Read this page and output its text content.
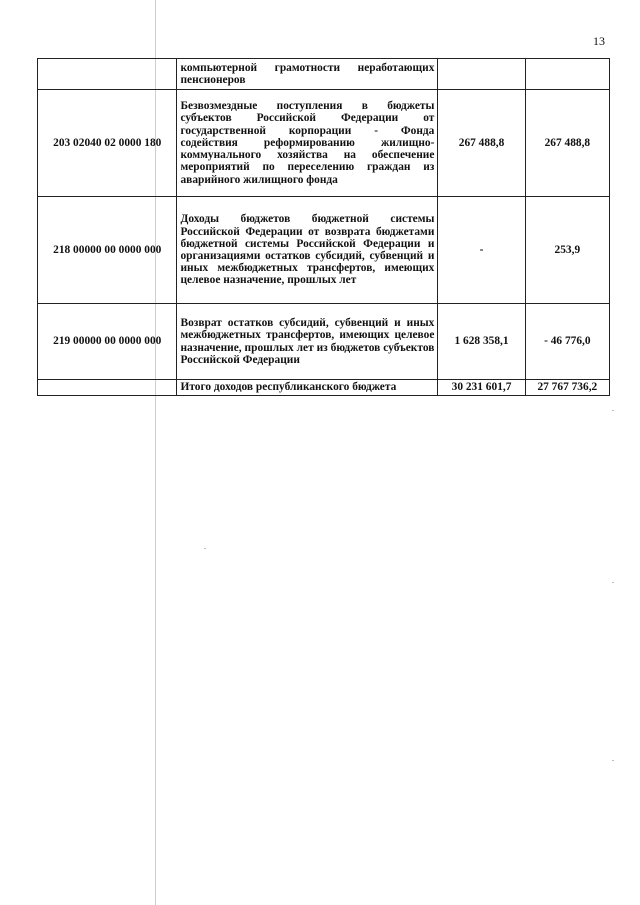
13
	компьютерной грамотности неработающих пенсионеров		
203 02040 02 0000 180	Безвозмездные поступления в бюджеты субъектов Российской Федерации от государственной корпорации - Фонда содействия реформированию жилищно-коммунального хозяйства на обеспечение мероприятий по переселению граждан из аварийного жилищного фонда	267 488,8	267 488,8
218 00000 00 0000 000	Доходы бюджетов бюджетной системы Российской Федерации от возврата бюджетами бюджетной системы Российской Федерации и организациями остатков субсидий, субвенций и иных межбюджетных трансфертов, имеющих целевое назначение, прошлых лет	-	253,9
219 00000 00 0000 000	Возврат остатков субсидий, субвенций и иных межбюджетных трансфертов, имеющих целевое назначение, прошлых лет из бюджетов субъектов Российской Федерации	1 628 358,1	- 46 776,0
	Итого доходов республиканского бюджета	30 231 601,7	27 767 736,2
